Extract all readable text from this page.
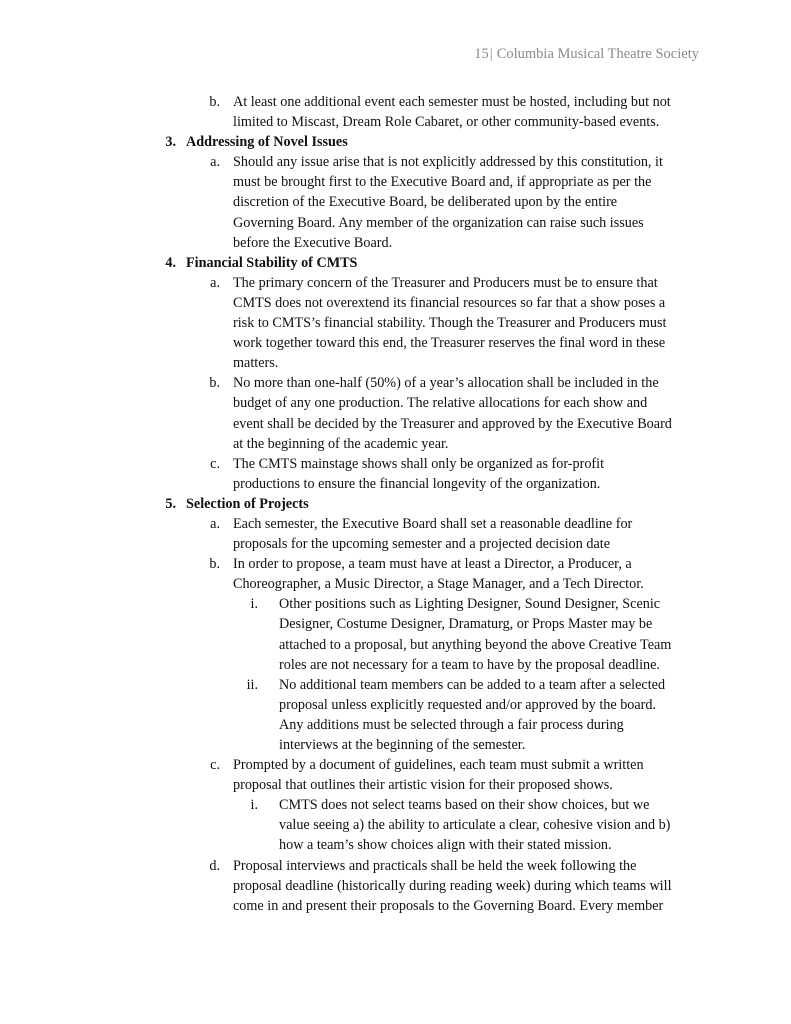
15| Columbia Musical Theatre Society
b. At least one additional event each semester must be hosted, including but not
limited to Miscast, Dream Role Cabaret, or other community-based events.
3. Addressing of Novel Issues
a. Should any issue arise that is not explicitly addressed by this constitution, it
must be brought first to the Executive Board and, if appropriate as per the
discretion of the Executive Board, be deliberated upon by the entire
Governing Board. Any member of the organization can raise such issues
before the Executive Board.
4. Financial Stability of CMTS
a. The primary concern of the Treasurer and Producers must be to ensure that
CMTS does not overextend its financial resources so far that a show poses a
risk to CMTS’s financial stability. Though the Treasurer and Producers must
work together toward this end, the Treasurer reserves the final word in these
matters.
b. No more than one-half (50%) of a year’s allocation shall be included in the
budget of any one production. The relative allocations for each show and
event shall be decided by the Treasurer and approved by the Executive Board
at the beginning of the academic year.
c. The CMTS mainstage shows shall only be organized as for-profit
productions to ensure the financial longevity of the organization.
5. Selection of Projects
a. Each semester, the Executive Board shall set a reasonable deadline for
proposals for the upcoming semester and a projected decision date
b. In order to propose, a team must have at least a Director, a Producer, a
Choreographer, a Music Director, a Stage Manager, and a Tech Director.
i. Other positions such as Lighting Designer, Sound Designer, Scenic
Designer, Costume Designer, Dramaturg, or Props Master may be
attached to a proposal, but anything beyond the above Creative Team
roles are not necessary for a team to have by the proposal deadline.
ii. No additional team members can be added to a team after a selected
proposal unless explicitly requested and/or approved by the board.
Any additions must be selected through a fair process during
interviews at the beginning of the semester.
c. Prompted by a document of guidelines, each team must submit a written
proposal that outlines their artistic vision for their proposed shows.
i. CMTS does not select teams based on their show choices, but we
value seeing a) the ability to articulate a clear, cohesive vision and b)
how a team’s show choices align with their stated mission.
d. Proposal interviews and practicals shall be held the week following the
proposal deadline (historically during reading week) during which teams will
come in and present their proposals to the Governing Board. Every member
